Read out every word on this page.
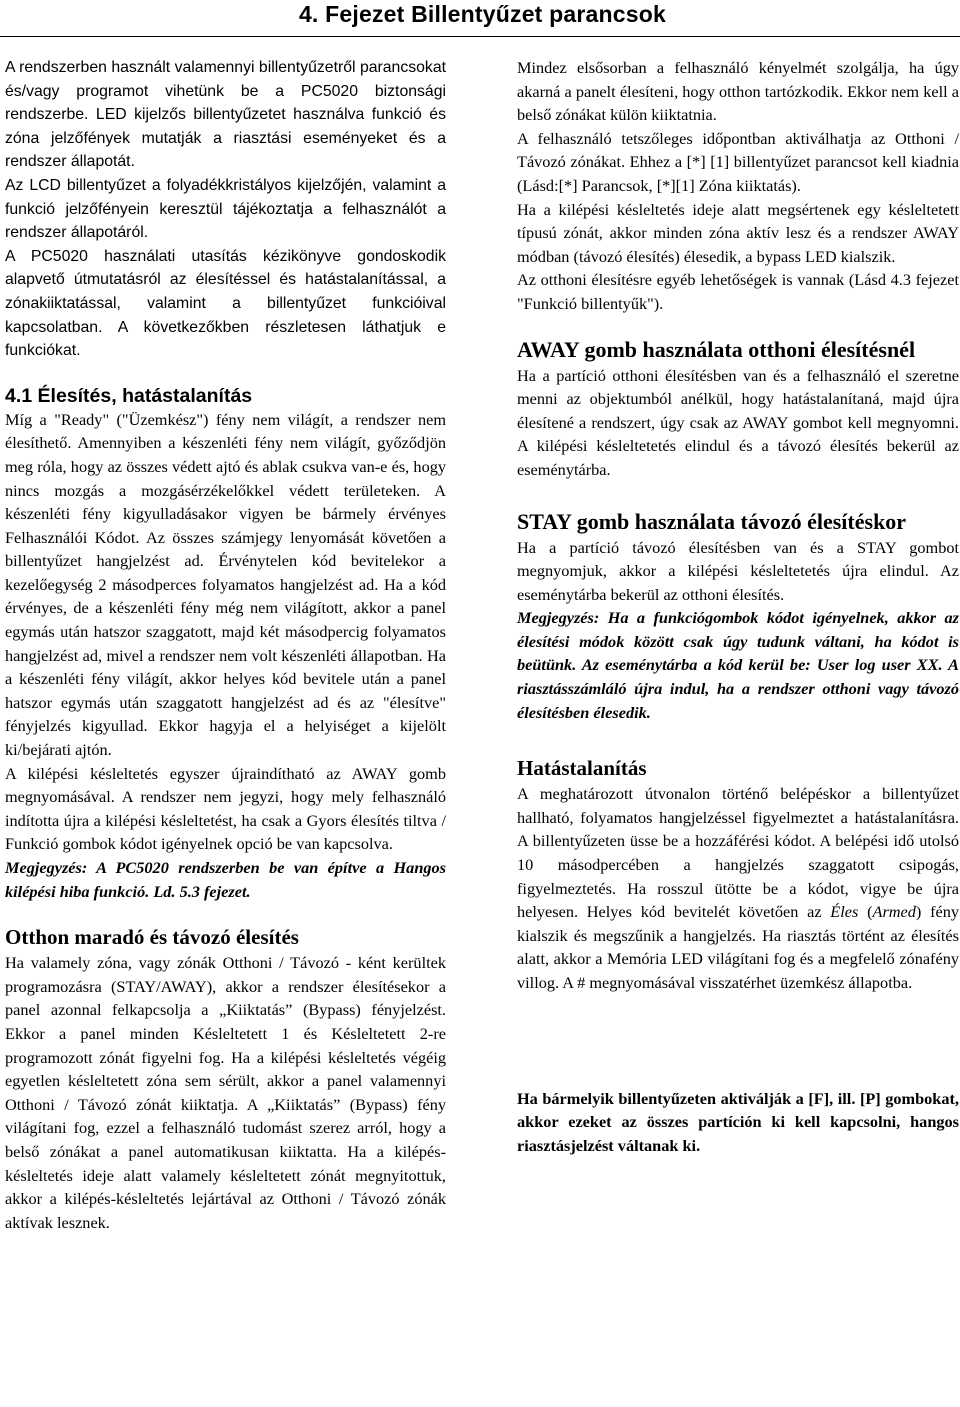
4. Fejezet Billentyűzet parancsok

A rendszerben használt valamennyi billentyűzetről parancsokat és/vagy programot vihetünk be a PC5020 biztonsági rendszerbe. LED kijelzős billentyűzetet használva funkció és zóna jelzőfények mutatják a riasztási eseményeket és a rendszer állapotát.

Az LCD billentyűzet a folyadékkristályos kijelzőjén, valamint a funkció jelzőfényein keresztül tájékoztatja a felhasználót a rendszer állapotáról.

A PC5020 használati utasítás kézikönyve gondoskodik alapvető útmutatásról az élesítéssel és hatástalanítással, a zónakiiktatással, valamint a billentyűzet funkcióival kapcsolatban. A következőkben részletesen láthatjuk e funkciókat.

4.1 Élesítés, hatástalanítás

Míg a "Ready" ("Üzemkész") fény nem világít, a rendszer nem élesíthető. Amennyiben a készenléti fény nem világít, győződjön meg róla, hogy az összes védett ajtó és ablak csukva van-e és, hogy nincs mozgás a mozgásérzékelőkkel védett területeken. A készenléti fény kigyulladásakor vigyen be bármely érvényes Felhasználói Kódot. Az összes számjegy lenyomását követően a billentyűzet hangjelzést ad. Érvénytelen kód bevitelekor a kezelőegység 2 másodperces folyamatos hangjelzést ad. Ha a kód érvényes, de a készenléti fény még nem világított, akkor a panel egymás után hatszor szaggatott, majd két másodpercig folyamatos hangjelzést ad, mivel a rendszer nem volt készenléti állapotban. Ha a készenléti fény világít, akkor helyes kód bevitele után a panel hatszor egymás után szaggatott hangjelzést ad és az "élesítve" fényjelzés kigyullad. Ekkor hagyja el a helyiséget a kijelölt ki/bejárati ajtón.

A kilépési késleltetés egyszer újraindítható az AWAY gomb megnyomásával. A rendszer nem jegyzi, hogy mely felhasználó indította újra a kilépési késleltetést, ha csak a Gyors élesítés tiltva / Funkció gombok kódot igényelnek opció be van kapcsolva.

Megjegyzés: A PC5020 rendszerben be van építve a Hangos kilépési hiba funkció. Ld. 5.3 fejezet.

Otthon maradó és távozó élesítés

Ha valamely zóna, vagy zónák Otthoni / Távozó - ként kerültek programozásra (STAY/AWAY), akkor a rendszer élesítésekor a panel azonnal felkapcsolja a „Kiiktatás” (Bypass) fényjelzést. Ekkor a panel minden Késleltetett 1 és Késleltetett 2-re programozott zónát figyelni fog. Ha a kilépési késleltetés végéig egyetlen késleltetett zóna sem sérült, akkor a panel valamennyi Otthoni / Távozó zónát kiiktatja. A „Kiiktatás” (Bypass) fény világítani fog, ezzel a felhasználó tudomást szerez arról, hogy a belső zónákat a panel automatikusan kiiktatta. Ha a kilépés-késleltetés ideje alatt valamely késleltetett zónát megnyitottuk, akkor a kilépés-késleltetés lejártával az Otthoni / Távozó zónák aktívak lesznek.

Mindez elsősorban a felhasználó kényelmét szolgálja, ha úgy akarná a panelt élesíteni, hogy otthon tartózkodik. Ekkor nem kell a belső zónákat külön kiiktatnia.

A felhasználó tetszőleges időpontban aktiválhatja az Otthoni / Távozó zónákat. Ehhez a [*] [1] billentyűzet parancsot kell kiadnia (Lásd:[*] Parancsok, [*][1] Zóna kiiktatás).

Ha a kilépési késleltetés ideje alatt megsértenek egy késleltetett típusú zónát, akkor minden zóna aktív lesz és a rendszer AWAY módban (távozó élesítés) élesedik, a bypass LED kialszik.

Az otthoni élesítésre egyéb lehetőségek is vannak (Lásd 4.3 fejezet "Funkció billentyűk").

AWAY gomb használata otthoni élesítésnél

Ha a partíció otthoni élesítésben van és a felhasználó el szeretne menni az objektumból anélkül, hogy hatástalanítaná, majd újra élesítené a rendszert, úgy csak az AWAY gombot kell megnyomni. A kilépési késleltetetés elindul és a távozó élesítés bekerül az eseménytárba.

STAY gomb használata távozó élesítéskor

Ha a partíció távozó élesítésben van és a STAY gombot megnyomjuk, akkor a kilépési késleltetetés újra elindul. Az eseménytárba bekerül az otthoni élesítés.

Megjegyzés: Ha a funkciógombok kódot igényelnek, akkor az élesítési módok között csak úgy tudunk váltani, ha kódot is beütünk. Az eseménytárba a kód kerül be: User log user XX. A riasztásszámláló újra indul, ha a rendszer otthoni vagy távozó élesítésben élesedik.

Hatástalanítás

A meghatározott útvonalon történő belépéskor a billentyűzet hallható, folyamatos hangjelzéssel figyelmeztet a hatástalanításra. A billentyűzeten üsse be a hozzáférési kódot. A belépési idő utolsó 10 másodpercében a hangjelzés szaggatott csipogás, figyelmeztetés. Ha rosszul ütötte be a kódot, vigye be újra helyesen. Helyes kód bevitelét követően az Éles (Armed) fény kialszik és megszűnik a hangjelzés. Ha riasztás történt az élesítés alatt, akkor a Memória LED világítani fog és a megfelelő zónafény villog. A # megnyomásával visszatérhet üzemkész állapotba.

Ha bármelyik billentyűzeten aktiválják a [F], ill. [P] gombokat, akkor ezeket az összes partíción ki kell kapcsolni, hangos riasztásjelzést váltanak ki.
